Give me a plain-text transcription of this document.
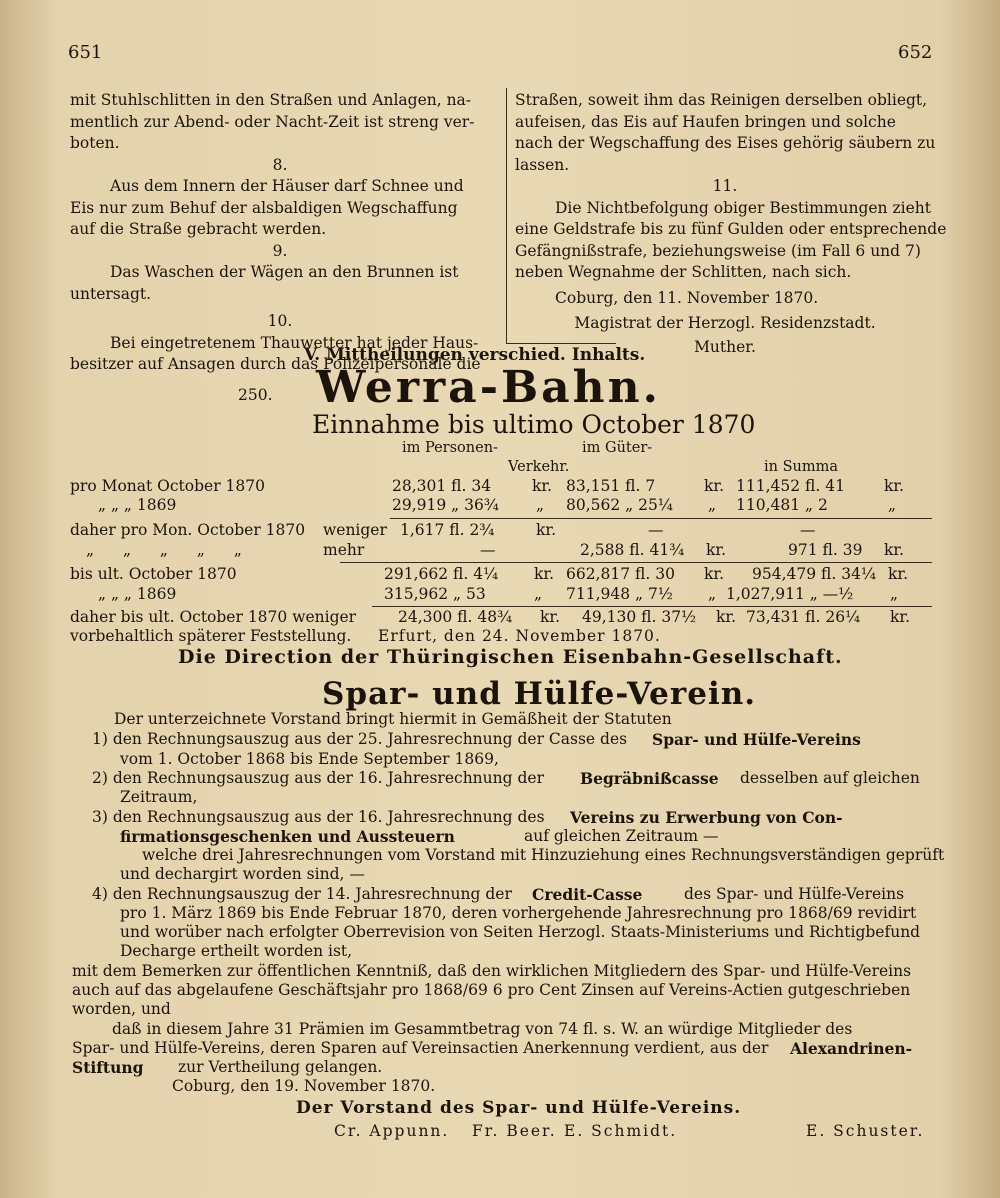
651	652

mit Stuhlschlitten in den Straßen und Anlagen, na-

mentlich zur Abend- oder Nacht-Zeit ist streng ver-

boten.

8.

Aus dem Innern der Häuser darf Schnee und

Eis nur zum Behuf der alsbaldigen Wegschaffung

auf die Straße gebracht werden.

9.

Das Waschen der Wägen an den Brunnen ist

untersagt.

10.

Bei eingetretenem Thauwetter hat jeder Haus-

besitzer auf Ansagen durch das Polizeipersonale die

Straßen, soweit ihm das Reinigen derselben obliegt,

aufeisen, das Eis auf Haufen bringen und solche

nach der Wegschaffung des Eises gehörig säubern zu

lassen.

11.

Die Nichtbefolgung obiger Bestimmungen zieht

eine Geldstrafe bis zu fünf Gulden oder entsprechende

Gefängnißstrafe, beziehungsweise (im Fall 6 und 7)

neben Wegnahme der Schlitten, nach sich.

Coburg, den 11. November 1870.

Magistrat der Herzogl. Residenzstadt.

Muther.

V. Mittheilungen verschied. Inhalts.
250. Werra-Bahn.
Einnahme bis ultimo October 1870
im Personen-	im Güter-
Verkehr.	in Summa
pro Monat October 1870	28,301 fl. 34	kr. 83,151 fl. 7	kr. 111,452 fl. 41	kr.
„ „ „ 1869	29,919 „ 36¾ „ 80,562 „ 25¼ „ 110,481 „ 2	„
daher pro Mon. October 1870 weniger 1,617 fl. 2¾	kr.	—	—
„ „ „ „ „	mehr	—	2,588 fl. 41¾ kr.	971 fl. 39 kr.
bis ult. October 1870	291,662 fl. 4¼ kr. 662,817 fl. 30 kr. 954,479 fl. 34¼ kr.
„ „ „ 1869	315,962 „ 53	„ 711,948 „ 7½ „ 1,027,911 „ —½ „
daher bis ult. October 1870 weniger	24,300 fl. 48¾ kr. 49,130 fl. 37½ kr. 73,431 fl. 26¼ kr.
vorbehaltlich späterer Feststellung. Erfurt, den 24. November 1870.
Die Direction der Thüringischen Eisenbahn-Gesellschaft.
Spar- und Hülfe-Verein.
Der unterzeichnete Vorstand bringt hiermit in Gemäßheit der Statuten
1) den Rechnungsauszug aus der 25. Jahresrechnung der Casse des Spar- und Hülfe-Vereins
vom 1. October 1868 bis Ende September 1869,
2) den Rechnungsauszug aus der 16. Jahresrechnung der Begräbnißcasse desselben auf gleichen
Zeitraum,
3) den Rechnungsauszug aus der 16. Jahresrechnung des Vereins zu Erwerbung von Con-
firmationsgeschenken und Aussteuern	auf gleichen Zeitraum —
welche drei Jahresrechnungen vom Vorstand mit Hinzuziehung eines Rechnungsverständigen geprüft
und dechargirt worden sind, —
4) den Rechnungsauszug der 14. Jahresrechnung der Credit-Casse	des Spar- und Hülfe-Vereins
pro 1. März 1869 bis Ende Februar 1870, deren vorhergehende Jahresrechnung pro 1868/69 revidirt
und worüber nach erfolgter Oberrevision von Seiten Herzogl. Staats-Ministeriums und Richtigbefund
Decharge ertheilt worden ist,
mit dem Bemerken zur öffentlichen Kenntniß, daß den wirklichen Mitgliedern des Spar- und Hülfe-Vereins
auch auf das abgelaufene Geschäftsjahr pro 1868/69 6 pro Cent Zinsen auf Vereins-Actien gutgeschrieben
worden, und
daß in diesem Jahre 31 Prämien im Gesammtbetrag von 74 fl. s. W. an würdige Mitglieder des
Spar- und Hülfe-Vereins, deren Sparen auf Vereinsactien Anerkennung verdient, aus der Alexandrinen-
Stiftung zur Vertheilung gelangen.
Coburg, den 19. November 1870.
Der Vorstand des Spar- und Hülfe-Vereins.
Cr. Appunn. Fr. Beer. E. Schmidt.	E. Schuster.
